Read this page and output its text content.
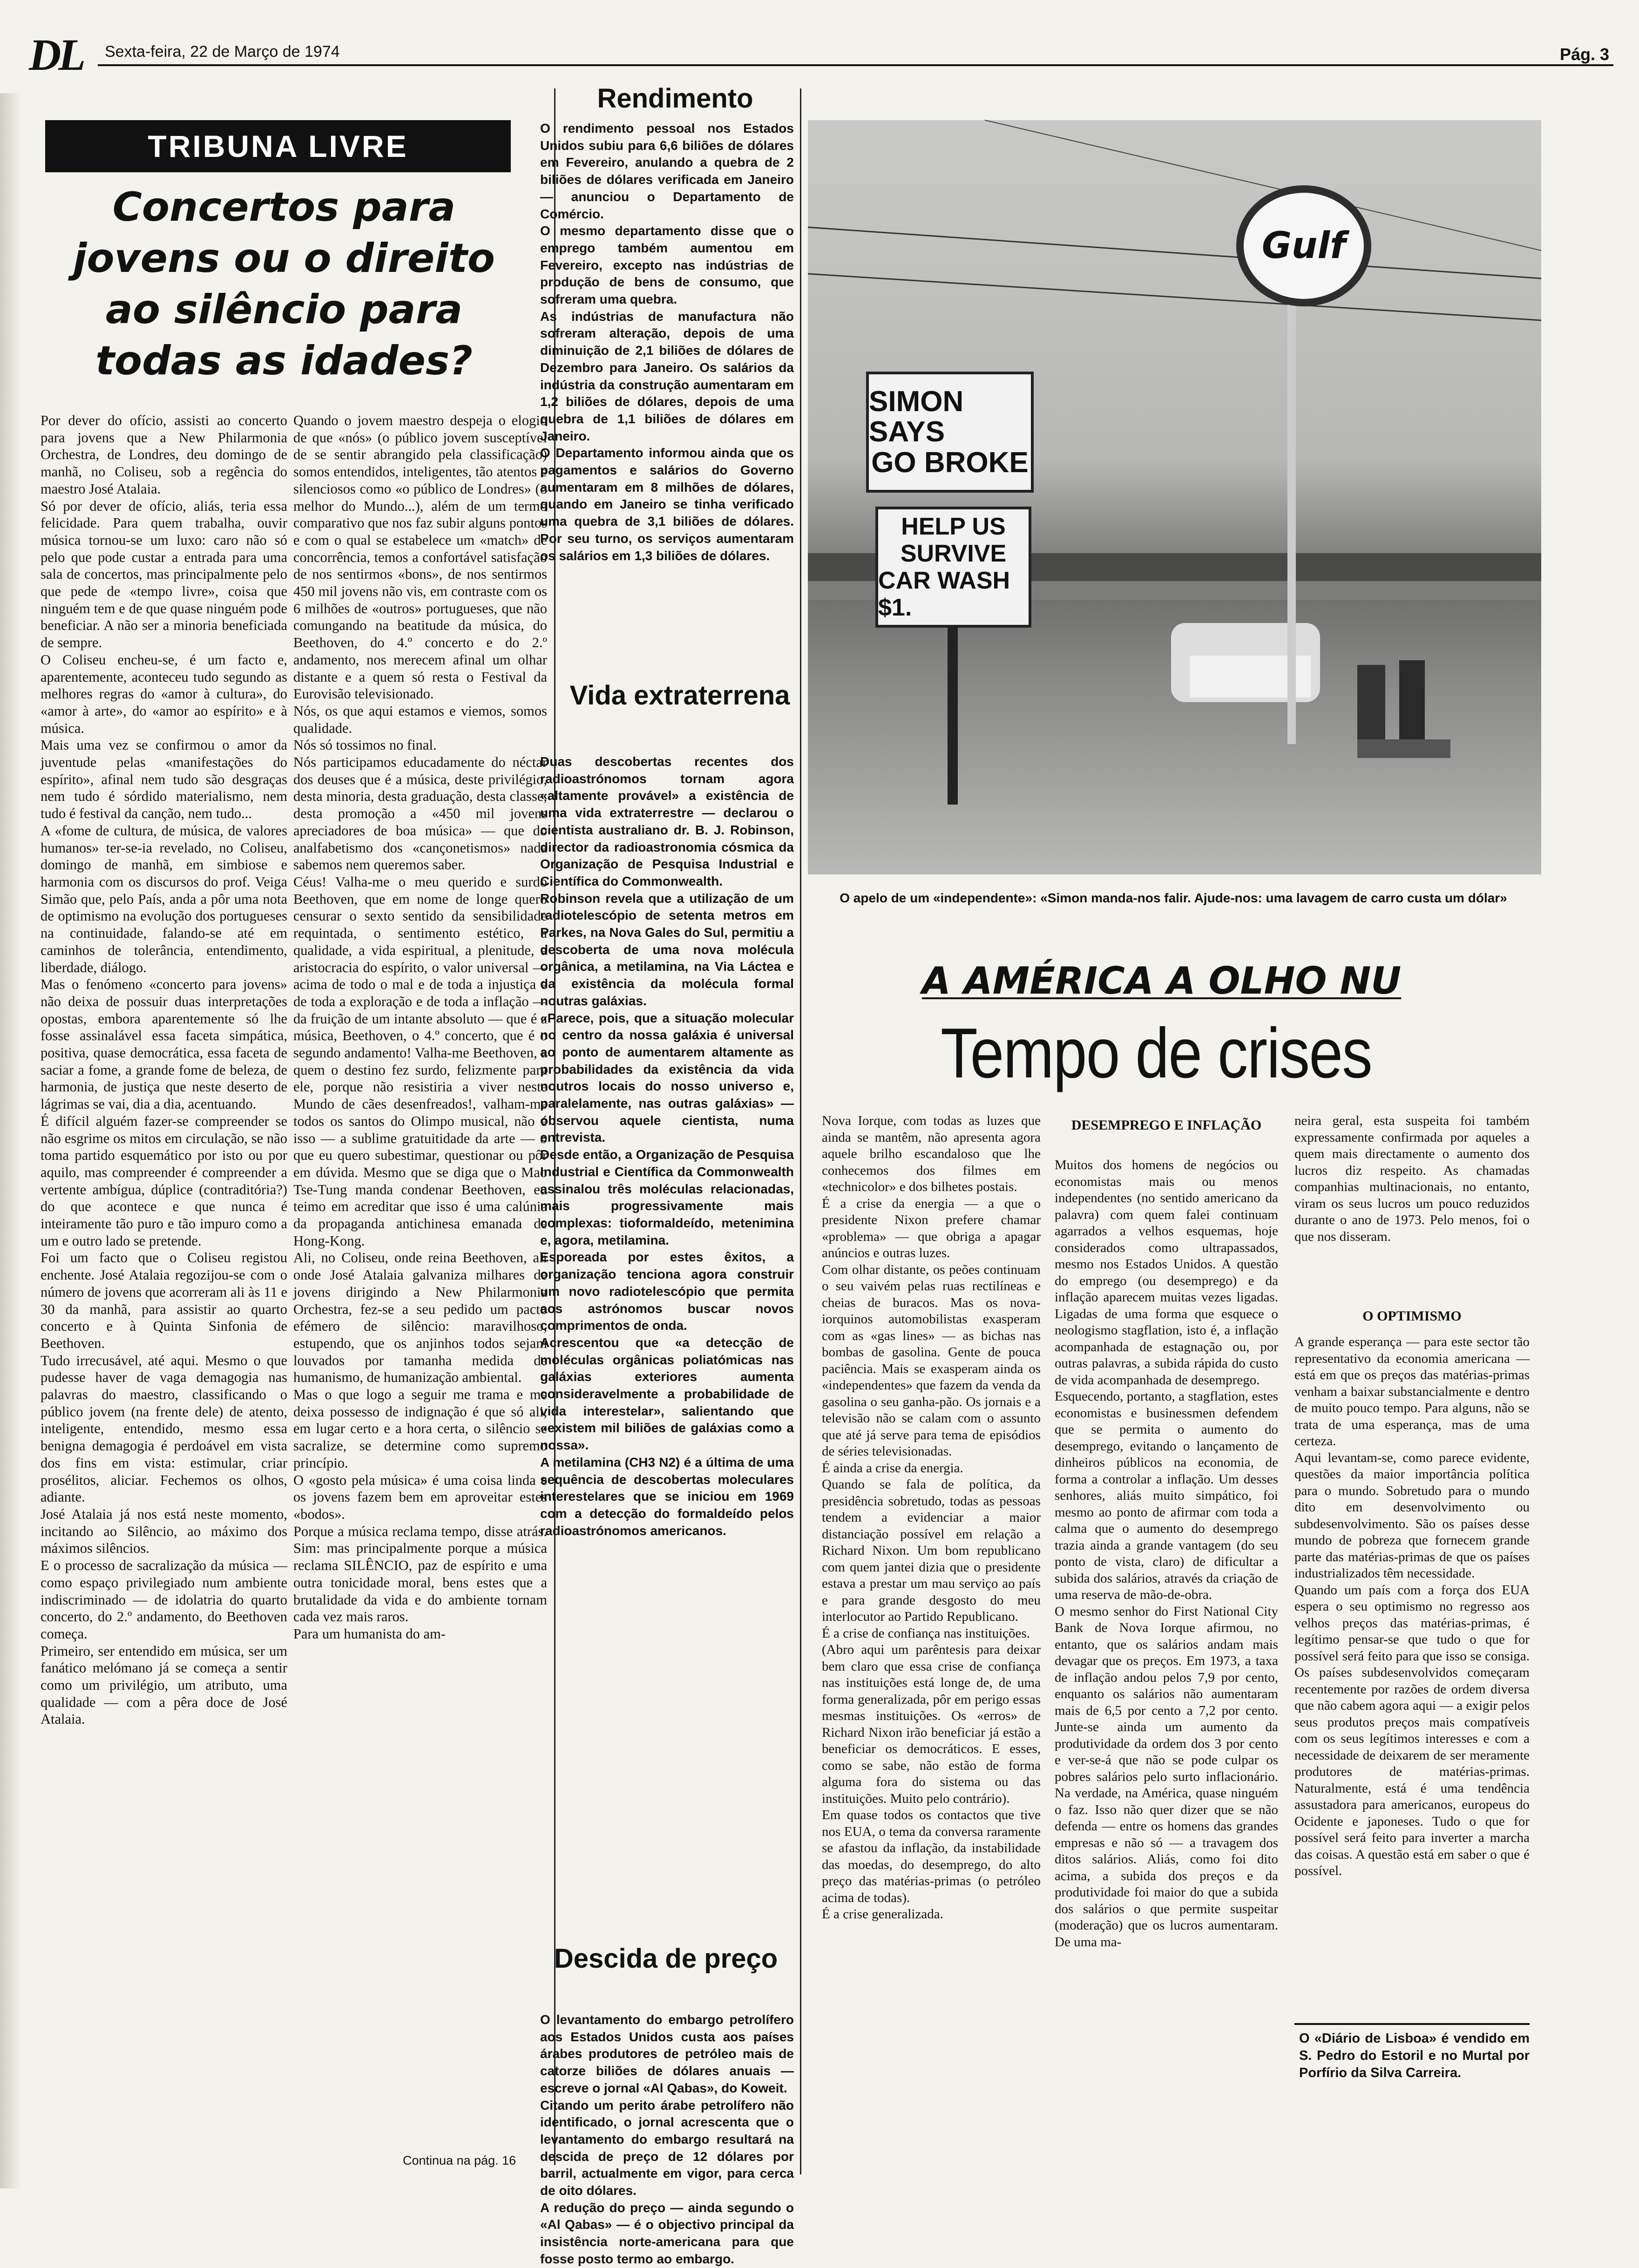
DL Sexta-feira, 22 de Março de 1974	Pág. 3
TRIBUNA LIVRE
Concertos para jovens ou o direito ao silêncio para todas as idades?
Por dever do ofício, assisti ao concerto para jovens que a New Philarmonia Orchestra, de Londres, deu domingo de manhã, no Coliseu, sob a regência do maestro José Atalaia.
Só por dever de ofício, aliás, teria essa felicidade. Para quem trabalha, ouvir música tornou-se um luxo: caro não só pelo que pode custar a entrada para uma sala de concertos, mas principalmente pelo que pede de «tempo livre», coisa que ninguém tem e de que quase ninguém pode beneficiar. A não ser a minoria beneficiada de sempre.
O Coliseu encheu-se, é um facto e, aparentemente, aconteceu tudo segundo as melhores regras do «amor à cultura», do «amor à arte», do «amor ao espírito» e à música.
Mais uma vez se confirmou o amor da juventude pelas «manifestações do espírito», afinal nem tudo são desgraças nem tudo é sórdido materialismo, nem tudo é festival da canção, nem tudo...
A «fome de cultura, de música, de valores humanos» ter-se-ia revelado, no Coliseu, domingo de manhã, em simbiose e harmonia com os discursos do prof. Veiga Simão que, pelo País, anda a pôr uma nota de optimismo na evolução dos portugueses na continuidade, falando-se até em caminhos de tolerância, entendimento, liberdade, diálogo.
Mas o fenómeno «concerto para jovens» não deixa de possuir duas interpretações opostas, embora aparentemente só lhe fosse assinalável essa faceta simpática, positiva, quase democrática, essa faceta de saciar a fome, a grande fome de beleza, de harmonia, de justiça que neste deserto de lágrimas se vai, dia a dia, acentuando.
É difícil alguém fazer-se compreender se não esgrime os mitos em circulação, se não toma partido esquemático por isto ou por aquilo, mas compreender é compreender a vertente ambígua, dúplice (contraditória?) do que acontece e que nunca é inteiramente tão puro e tão impuro como a um e outro lado se pretende.
Foi um facto que o Coliseu registou enchente. José Atalaia regozijou-se com o número de jovens que acorreram ali às 11 e 30 da manhã, para assistir ao quarto concerto e à Quinta Sinfonia de Beethoven.
Tudo irrecusável, até aqui. Mesmo o que pudesse haver de vaga demagogia nas palavras do maestro, classificando o público jovem (na frente dele) de atento, inteligente, entendido, mesmo essa benigna demagogia é perdoável em vista dos fins em vista: estimular, criar prosélitos, aliciar. Fechemos os olhos, adiante.
José Atalaia já nos está neste momento, incitando ao Silêncio, ao máximo dos máximos silêncios.
E o processo de sacralização da música — como espaço privilegiado num ambiente indiscriminado — de idolatria do quarto concerto, do 2.º andamento, do Beethoven começa.
Primeiro, ser entendido em música, ser um fanático melómano já se começa a sentir como um privilégio, um atributo, uma qualidade — com a pêra doce de José Atalaia.
Quando o jovem maestro despeja o elogio de que «nós» (o público jovem susceptível de se sentir abrangido pela classificação) somos entendidos, inteligentes, tão atentos e silenciosos como «o público de Londres» (o melhor do Mundo...), além de um termo comparativo que nos faz subir alguns pontos e com o qual se estabelece um «match» de concorrência, temos a confortável satisfação de nos sentirmos «bons», de nos sentirmos 450 mil jovens não vis, em contraste com os 6 milhões de «outros» portugueses, que não comungando na beatitude da música, do Beethoven, do 4.º concerto e do 2.º andamento, nos merecem afinal um olhar distante e a quem só resta o Festival da Eurovisão televisionado.
Nós, os que aqui estamos e viemos, somos qualidade.
Nós só tossimos no final.
Nós participamos educadamente do néctar dos deuses que é a música, deste privilégio, desta minoria, desta graduação, desta classe, desta promoção a «450 mil jovens apreciadores de boa música» — que do analfabetismo dos «cançonetismos» nada sabemos nem queremos saber.
Céus! Valha-me o meu querido e surdo Beethoven, que em nome de longe quero censurar o sexto sentido da sensibilidade requintada, o sentimento estético, a qualidade, a vida espiritual, a plenitude, a aristocracia do espírito, o valor universal — acima de todo o mal e de toda a injustiça e de toda a exploração e de toda a inflação — da fruição de um intante absoluto — que é a música, Beethoven, o 4.º concerto, que é o segundo andamento! Valha-me Beethoven, a quem o destino fez surdo, felizmente para ele, porque não resistiria a viver neste Mundo de cães desenfreados!, valham-me todos os santos do Olimpo musical, não é isso — a sublime gratuitidade da arte — o que eu quero subestimar, questionar ou pôr em dúvida. Mesmo que se diga que o Mao Tse-Tung manda condenar Beethoven, eu teimo em acreditar que isso é uma calúnia da propaganda antichinesa emanada de Hong-Kong.
Ali, no Coliseu, onde reina Beethoven, ali onde José Atalaia galvaniza milhares de jovens dirigindo a New Philarmonia Orchestra, fez-se a seu pedido um pacto efémero de silêncio: maravilhoso, estupendo, que os anjinhos todos sejam louvados por tamanha medida de humanismo, de humanização ambiental.
Mas o que logo a seguir me trama e me deixa possesso de indignação é que só ali, em lugar certo e a hora certa, o silêncio se sacralize, se determine como supremo princípio.
O «gosto pela música» é uma coisa linda e os jovens fazem bem em aproveitar estes «bodos».
Porque a música reclama tempo, disse atrás. Sim: mas principalmente porque a música reclama SILÊNCIO, paz de espírito e uma outra tonicidade moral, bens estes que a brutalidade da vida e do ambiente tornam cada vez mais raros.
Para um humanista do am-
Continua na pág. 16
Rendimento
O rendimento pessoal nos Estados Unidos subiu para 6,6 biliões de dólares em Fevereiro, anulando a quebra de 2 biliões de dólares verificada em Janeiro — anunciou o Departamento de Comércio.
O mesmo departamento disse que o emprego também aumentou em Fevereiro, excepto nas indústrias de produção de bens de consumo, que sofreram uma quebra.
As indústrias de manufactura não sofreram alteração, depois de uma diminuição de 2,1 biliões de dólares de Dezembro para Janeiro. Os salários da indústria da construção aumentaram em 1,2 biliões de dólares, depois de uma quebra de 1,1 biliões de dólares em Janeiro.
O Departamento informou ainda que os pagamentos e salários do Governo aumentaram em 8 milhões de dólares, quando em Janeiro se tinha verificado uma quebra de 3,1 biliões de dólares. Por seu turno, os serviços aumentaram os salários em 1,3 biliões de dólares.
Vida extraterrena
Duas descobertas recentes dos radioastrónomos tornam agora «altamente provável» a existência de uma vida extraterrestre — declarou o cientista australiano dr. B. J. Robinson, director da radioastronomia cósmica da Organização de Pesquisa Industrial e Científica do Commonwealth.
Robinson revela que a utilização de um radiotelescópio de setenta metros em Parkes, na Nova Gales do Sul, permitiu a descoberta de uma nova molécula orgânica, a metilamina, na Via Láctea e da existência da molécula formal noutras galáxias.
«Parece, pois, que a situação molecular no centro da nossa galáxia é universal ao ponto de aumentarem altamente as probabilidades da existência da vida noutros locais do nosso universo e, paralelamente, nas outras galáxias» — observou aquele cientista, numa entrevista.
Desde então, a Organização de Pesquisa Industrial e Científica da Commonwealth assinalou três moléculas relacionadas, mais progressivamente mais complexas: tioformaldeído, metenimina e, agora, metilamina.
Esporeada por estes êxitos, a organização tenciona agora construir um novo radiotelescópio que permita aos astrónomos buscar novos comprimentos de onda.
Acrescentou que «a detecção de moléculas orgânicas poliatómicas nas galáxias exteriores aumenta consideravelmente a probabilidade de vida interestelar», salientando que «existem mil biliões de galáxias como a nossa».
A metilamina (CH3 N2) é a última de uma sequência de descobertas moleculares interestelares que se iniciou em 1969 com a detecção do formaldeído pelos radioastrónomos americanos.
Descida de preço
O levantamento do embargo petrolífero aos Estados Unidos custa aos países árabes produtores de petróleo mais de catorze biliões de dólares anuais — escreve o jornal «Al Qabas», do Koweit.
Citando um perito árabe petrolífero não identificado, o jornal acrescenta que o levantamento do embargo resultará na descida de preço de 12 dólares por barril, actualmente em vigor, para cerca de oito dólares.
A redução do preço — ainda segundo o «Al Qabas» — é o objectivo principal da insistência norte-americana para que fosse posto termo ao embargo.
Gulf
SIMON SAYS
GO BROKE
HELP US
SURVIVE
CAR WASH $1.
O apelo de um «independente»: «Simon manda-nos falir. Ajude-nos: uma lavagem de carro custa um dólar»
A AMÉRICA A OLHO NU
Tempo de crises
Nova Iorque, com todas as luzes que ainda se mantêm, não apresenta agora aquele brilho escandaloso que lhe conhecemos dos filmes em «technicolor» e dos bilhetes postais.
É a crise da energia — a que o presidente Nixon prefere chamar «problema» — que obriga a apagar anúncios e outras luzes.
Com olhar distante, os peões continuam o seu vaivém pelas ruas rectilíneas e cheias de buracos. Mas os nova-iorquinos automobilistas exasperam com as «gas lines» — as bichas nas bombas de gasolina. Gente de pouca paciência. Mais se exasperam ainda os «independentes» que fazem da venda da gasolina o seu ganha-pão. Os jornais e a televisão não se calam com o assunto que até já serve para tema de episódios de séries televisionadas.
É ainda a crise da energia.
Quando se fala de política, da presidência sobretudo, todas as pessoas tendem a evidenciar a maior distanciação possível em relação a Richard Nixon. Um bom republicano com quem jantei dizia que o presidente estava a prestar um mau serviço ao país e para grande desgosto do meu interlocutor ao Partido Republicano.
É a crise de confiança nas instituições.
(Abro aqui um parêntesis para deixar bem claro que essa crise de confiança nas instituições está longe de, de uma forma generalizada, pôr em perigo essas mesmas instituições. Os «erros» de Richard Nixon irão beneficiar já estão a beneficiar os democráticos. E esses, como se sabe, não estão de forma alguma fora do sistema ou das instituições. Muito pelo contrário).
Em quase todos os contactos que tive nos EUA, o tema da conversa raramente se afastou da inflação, da instabilidade das moedas, do desemprego, do alto preço das matérias-primas (o petróleo acima de todas).
É a crise generalizada.
DESEMPREGO E INFLAÇÃO
Muitos dos homens de negócios ou economistas mais ou menos independentes (no sentido americano da palavra) com quem falei continuam agarrados a velhos esquemas, hoje considerados como ultrapassados, mesmo nos Estados Unidos. A questão do emprego (ou desemprego) e da inflação aparecem muitas vezes ligadas. Ligadas de uma forma que esquece o neologismo stagflation, isto é, a inflação acompanhada de estagnação ou, por outras palavras, a subida rápida do custo de vida acompanhada de desemprego.
Esquecendo, portanto, a stagflation, estes economistas e businessmen defendem que se permita o aumento do desemprego, evitando o lançamento de dinheiros públicos na economia, de forma a controlar a inflação. Um desses senhores, aliás muito simpático, foi mesmo ao ponto de afirmar com toda a calma que o aumento do desemprego trazia ainda a grande vantagem (do seu ponto de vista, claro) de dificultar a subida dos salários, através da criação de uma reserva de mão-de-obra.
O mesmo senhor do First National City Bank de Nova Iorque afirmou, no entanto, que os salários andam mais devagar que os preços. Em 1973, a taxa de inflação andou pelos 7,9 por cento, enquanto os salários não aumentaram mais de 6,5 por cento a 7,2 por cento. Junte-se ainda um aumento da produtividade da ordem dos 3 por cento e ver-se-á que não se pode culpar os pobres salários pelo surto inflacionário. Na verdade, na América, quase ninguém o faz. Isso não quer dizer que se não defenda — entre os homens das grandes empresas e não só — a travagem dos ditos salários. Aliás, como foi dito acima, a subida dos preços e da produtividade foi maior do que a subida dos salários o que permite suspeitar (moderação) que os lucros aumentaram. De uma ma-
neira geral, esta suspeita foi também expressamente confirmada por aqueles a quem mais directamente o aumento dos lucros diz respeito. As chamadas companhias multinacionais, no entanto, viram os seus lucros um pouco reduzidos durante o ano de 1973. Pelo menos, foi o que nos disseram.
O OPTIMISMO
A grande esperança — para este sector tão representativo da economia americana — está em que os preços das matérias-primas venham a baixar substancialmente e dentro de muito pouco tempo. Para alguns, não se trata de uma esperança, mas de uma certeza.
Aqui levantam-se, como parece evidente, questões da maior importância política para o mundo. Sobretudo para o mundo dito em desenvolvimento ou subdesenvolvimento. São os países desse mundo de pobreza que fornecem grande parte das matérias-primas de que os países industrializados têm necessidade.
Quando um país com a força dos EUA espera o seu optimismo no regresso aos velhos preços das matérias-primas, é legítimo pensar-se que tudo o que for possível será feito para que isso se consiga. Os países subdesenvolvidos começaram recentemente por razões de ordem diversa que não cabem agora aqui — a exigir pelos seus produtos preços mais compatíveis com os seus legítimos interesses e com a necessidade de deixarem de ser meramente produtores de matérias-primas. Naturalmente, está é uma tendência assustadora para americanos, europeus do Ocidente e japoneses. Tudo o que for possível será feito para inverter a marcha das coisas. A questão está em saber o que é possível.
O «Diário de Lisboa» é vendido em S. Pedro do Estoril e no Murtal por Porfírio da Silva Carreira.
